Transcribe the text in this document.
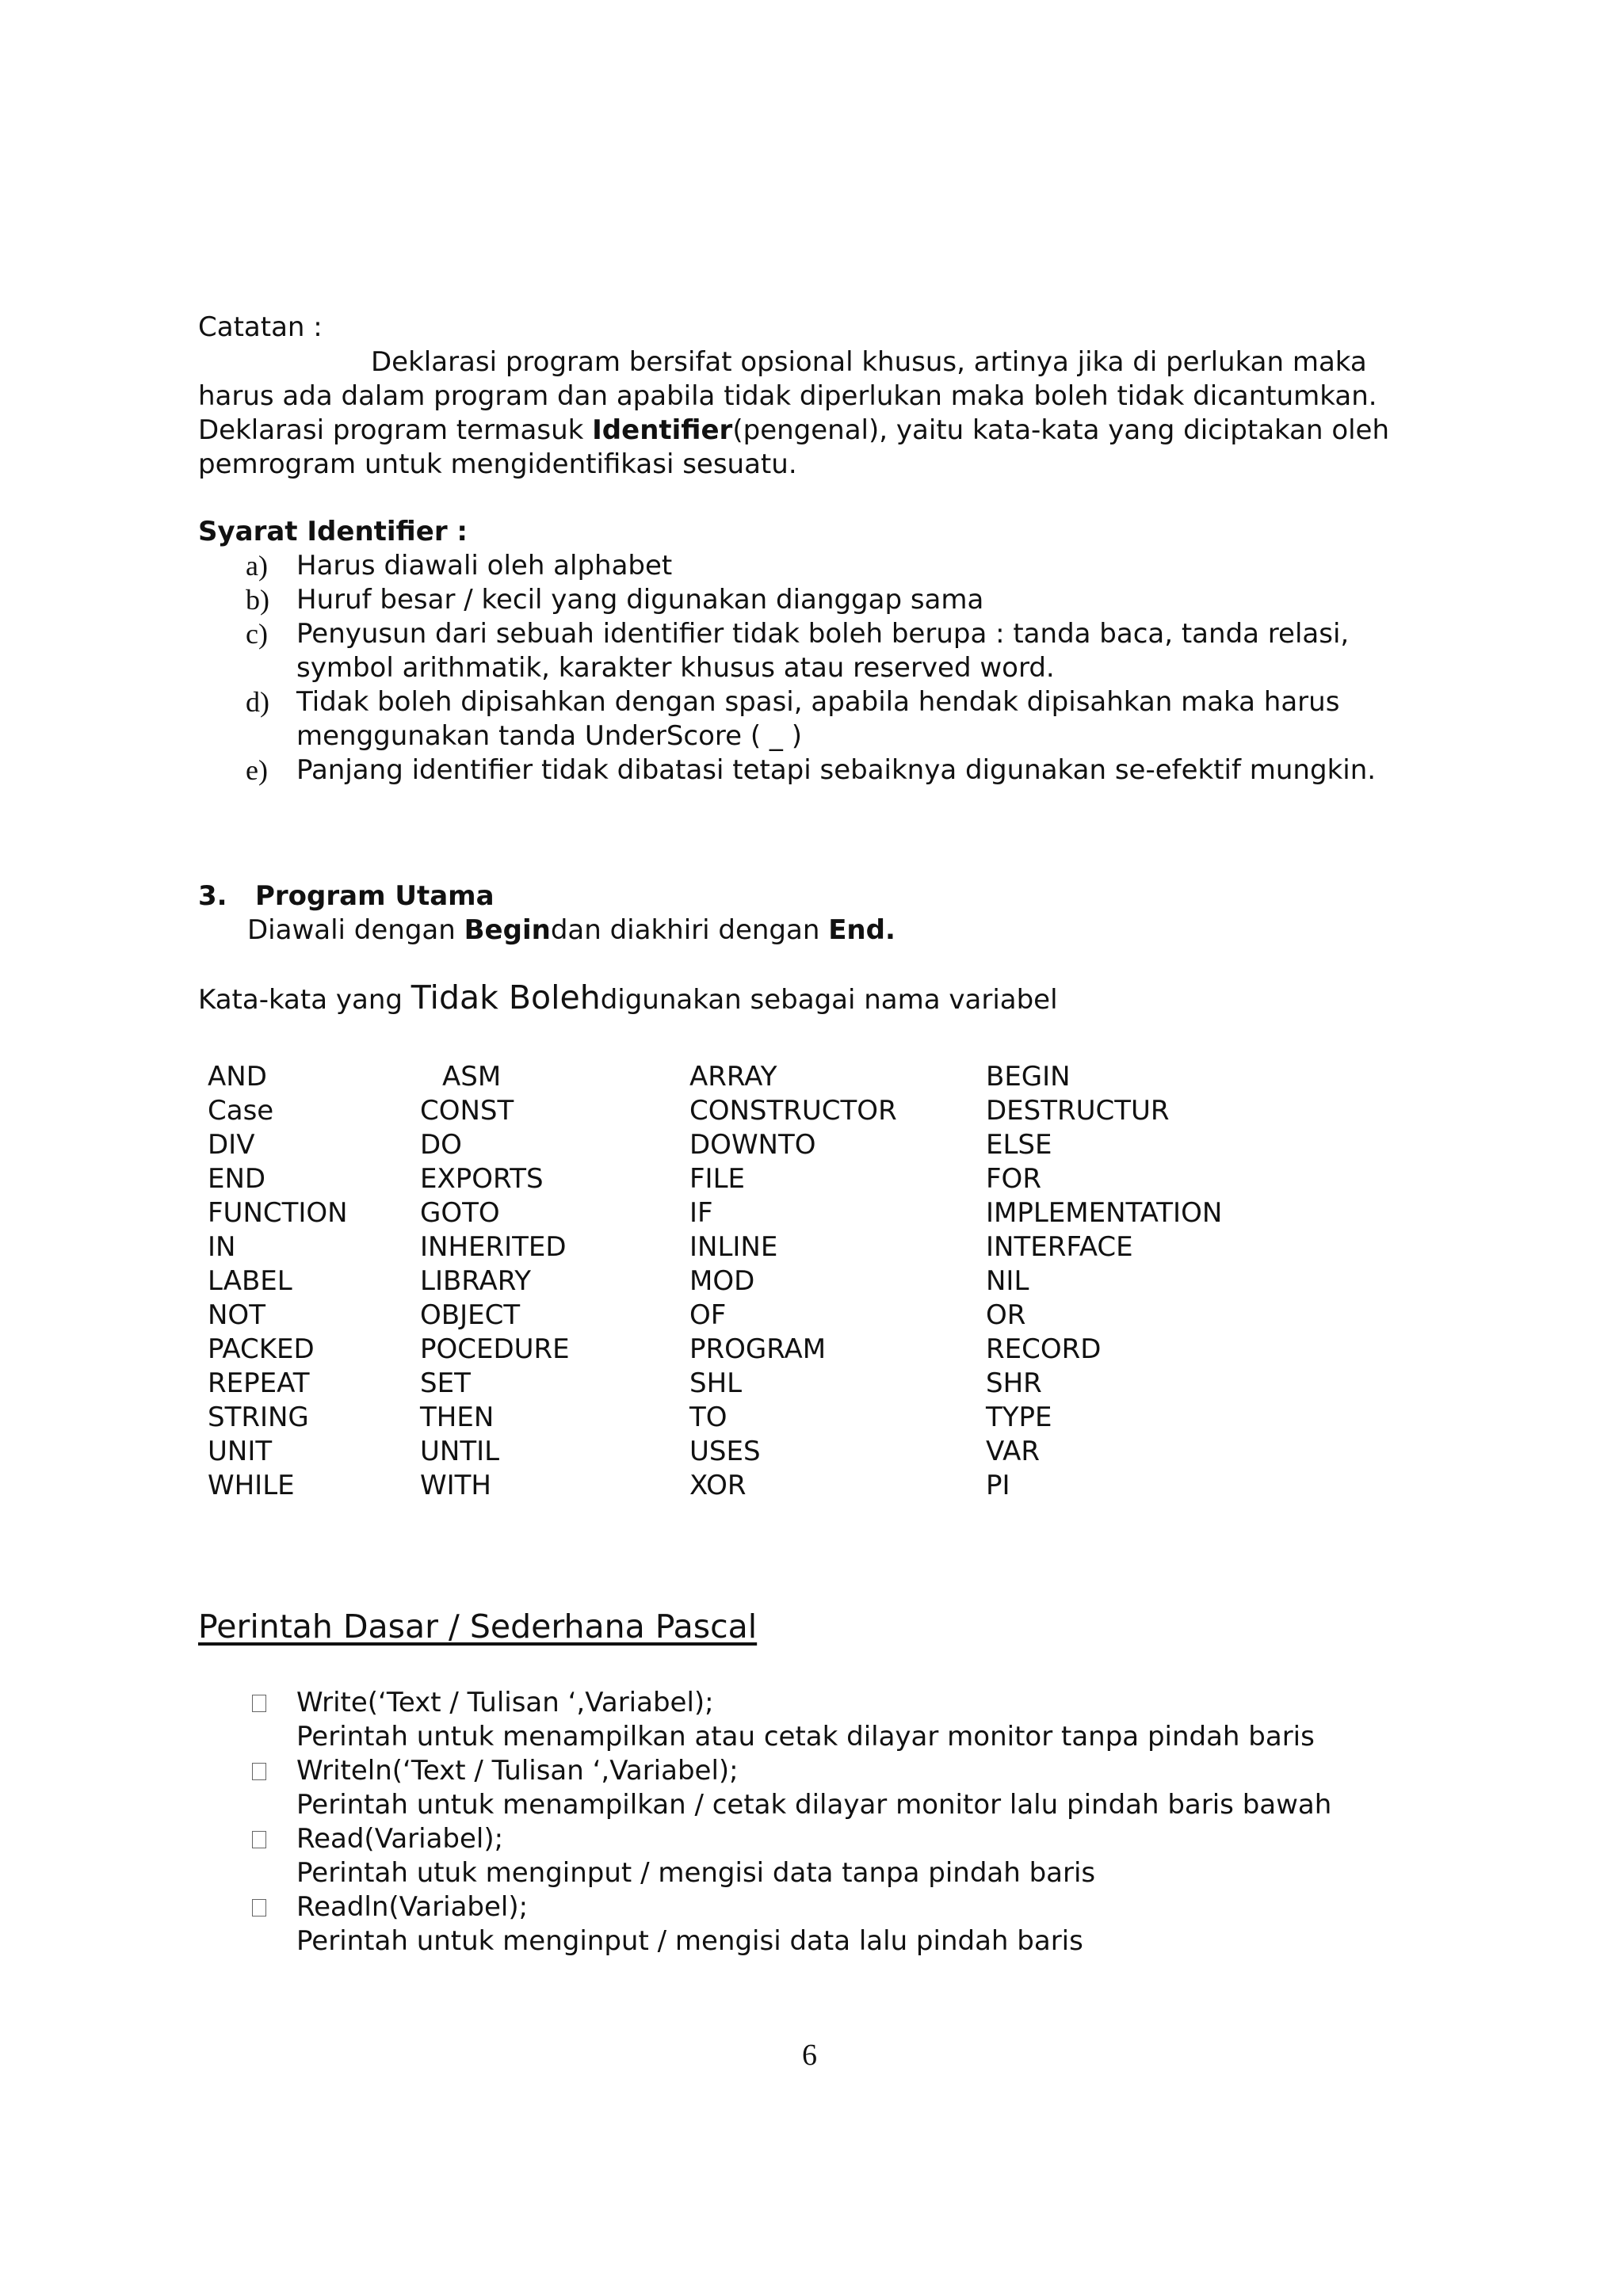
Catatan :
Deklarasi program bersifat opsional khusus, artinya jika di perlukan maka
harus ada dalam program dan apabila tidak diperlukan maka boleh tidak dicantumkan.
Deklarasi program termasuk Identifier(pengenal), yaitu kata-kata yang diciptakan oleh
pemrogram untuk mengidentifikasi sesuatu.
Syarat Identifier :
a) Harus diawali oleh alphabet
b) Huruf besar / kecil yang digunakan dianggap sama
c) Penyusun dari sebuah identifier tidak boleh berupa : tanda baca, tanda relasi,
symbol arithmatik, karakter khusus atau reserved word.
d) Tidak boleh dipisahkan dengan spasi, apabila hendak dipisahkan maka harus
menggunakan tanda UnderScore ( _ )
e) Panjang identifier tidak dibatasi tetapi sebaiknya digunakan se-efektif mungkin.
3. Program Utama
Diawali dengan Begindan diakhiri dengan End.
Kata-kata yang Tidak Bolehdigunakan sebagai nama variabel
AND	ASM	ARRAY	BEGIN
Case	CONST	CONSTRUCTOR	DESTRUCTUR
DIV	DO	DOWNTO	ELSE
END	EXPORTS	FILE	FOR
FUNCTION	GOTO	IF	IMPLEMENTATION
IN	INHERITED	INLINE	INTERFACE
LABEL	LIBRARY	MOD	NIL
NOT	OBJECT	OF	OR
PACKED	POCEDURE	PROGRAM	RECORD
REPEAT	SET	SHL	SHR
STRING	THEN	TO	TYPE
UNIT	UNTIL	USES	VAR
WHILE	WITH	XOR	PI
Perintah Dasar / Sederhana Pascal
Write(‘Text / Tulisan ‘,Variabel);
Perintah untuk menampilkan atau cetak dilayar monitor tanpa pindah baris
Writeln(‘Text / Tulisan ‘,Variabel);
Perintah untuk menampilkan / cetak dilayar monitor lalu pindah baris bawah
Read(Variabel);
Perintah utuk menginput / mengisi data tanpa pindah baris
Readln(Variabel);
Perintah untuk menginput / mengisi data lalu pindah baris
6
